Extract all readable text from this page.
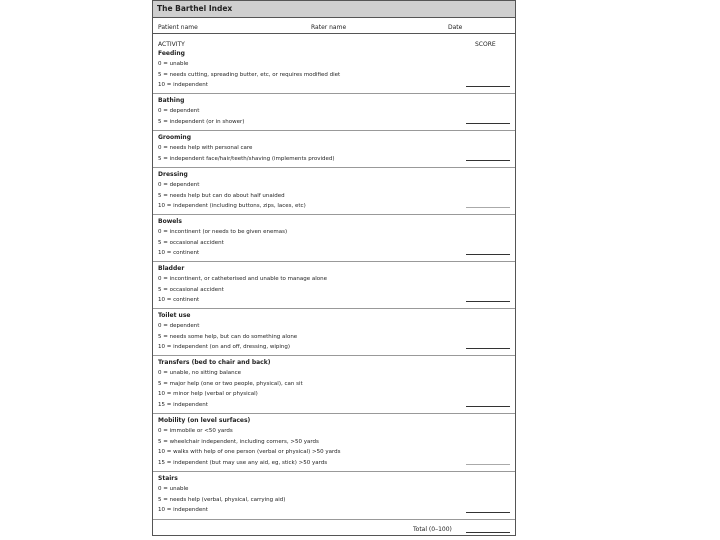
The Barthel Index
Patient name	Rater name	Date
ACTIVITY	SCORE
Feeding
0 = unable
5 = needs cutting, spreading butter, etc, or requires modified diet
10 = independent
Bathing
0 = dependent
5 = independent (or in shower)
Grooming
0 = needs help with personal care
5 = independent face/hair/teeth/shaving (implements provided)
Dressing
0 = dependent
5 = needs help but can do about half unaided
10 = independent (including buttons, zips, laces, etc)
Bowels
0 = incontinent (or needs to be given enemas)
5 = occasional accident
10 = continent
Bladder
0 = incontinent, or catheterised and unable to manage alone
5 = occasional accident
10 = continent
Toilet use
0 = dependent
5 = needs some help, but can do something alone
10 = independent (on and off, dressing, wiping)
Transfers (bed to chair and back)
0 = unable, no sitting balance
5 = major help (one or two people, physical), can sit
10 = minor help (verbal or physical)
15 = independent
Mobility (on level surfaces)
0 = immobile or <50 yards
5 = wheelchair independent, including corners, >50 yards
10 = walks with help of one person (verbal or physical) >50 yards
15 = independent (but may use any aid, eg, stick) >50 yards
Stairs
0 = unable
5 = needs help (verbal, physical, carrying aid)
10 = independent
Total (0–100)
